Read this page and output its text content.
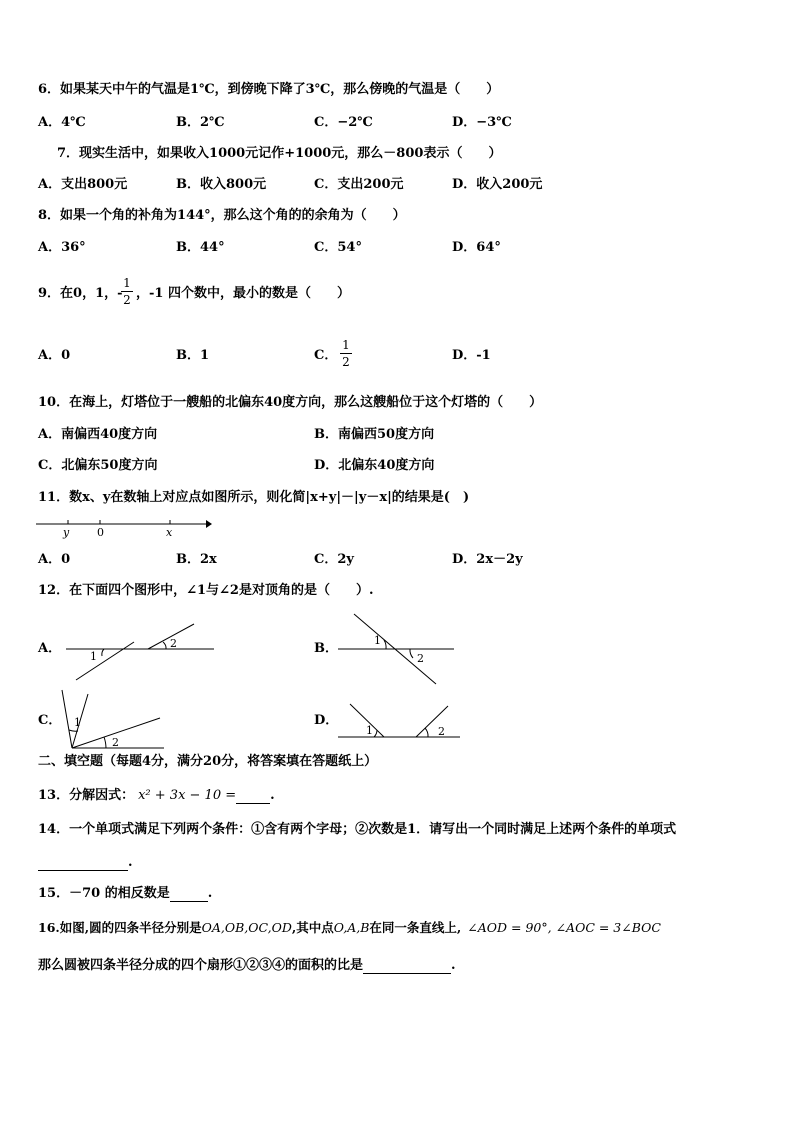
6．如果某天中午的气温是1℃，到傍晚下降了3℃，那么傍晚的气温是（　　）
A．4℃	B．2℃	C．−2℃	D．−3℃
7．现实生活中，如果收入1000元记作+1000元，那么－800表示（　　）
A．支出800元	B．收入800元	C．支出200元	D．收入200元
8．如果一个角的补角为144°，那么这个角的的余角为（　　）
A．36°	B．44°	C．54°	D．64°
9．在0，1，-
1
2 ，-1 四个数中，最小的数是（　　）
A．0	B．1	C．
1
2	D．-1
10．在海上，灯塔位于一艘船的北偏东40度方向，那么这艘船位于这个灯塔的（　　）
A．南偏西40度方向	B．南偏西50度方向
C．北偏东50度方向	D．北偏东40度方向
11．数x、y在数轴上对应点如图所示，则化简|x+y|－|y－x|的结果是(　)
y	0	x
A．0	B．2x	C．2y	D．2x－2y
12．在下面四个图形中，∠1与∠2是对顶角的是（　　）.
A．
1
2	B．
1
2
C． 1
2
D．
1	2
二、填空题（每题4分，满分20分，将答案填在答题纸上）
13．分解因式： x² + 3x − 10 =	.
14．一个单项式满足下列两个条件：①含有两个字母；②次数是1．请写出一个同时满足上述两个条件的单项式
.
15．－70 的相反数是	.
16.如图,圆的四条半径分别是OA,OB,OC,OD,其中点O,A,B在同一条直线上, ∠AOD = 90°, ∠AOC = 3∠BOC
那么圆被四条半径分成的四个扇形①②③④的面积的比是	.
